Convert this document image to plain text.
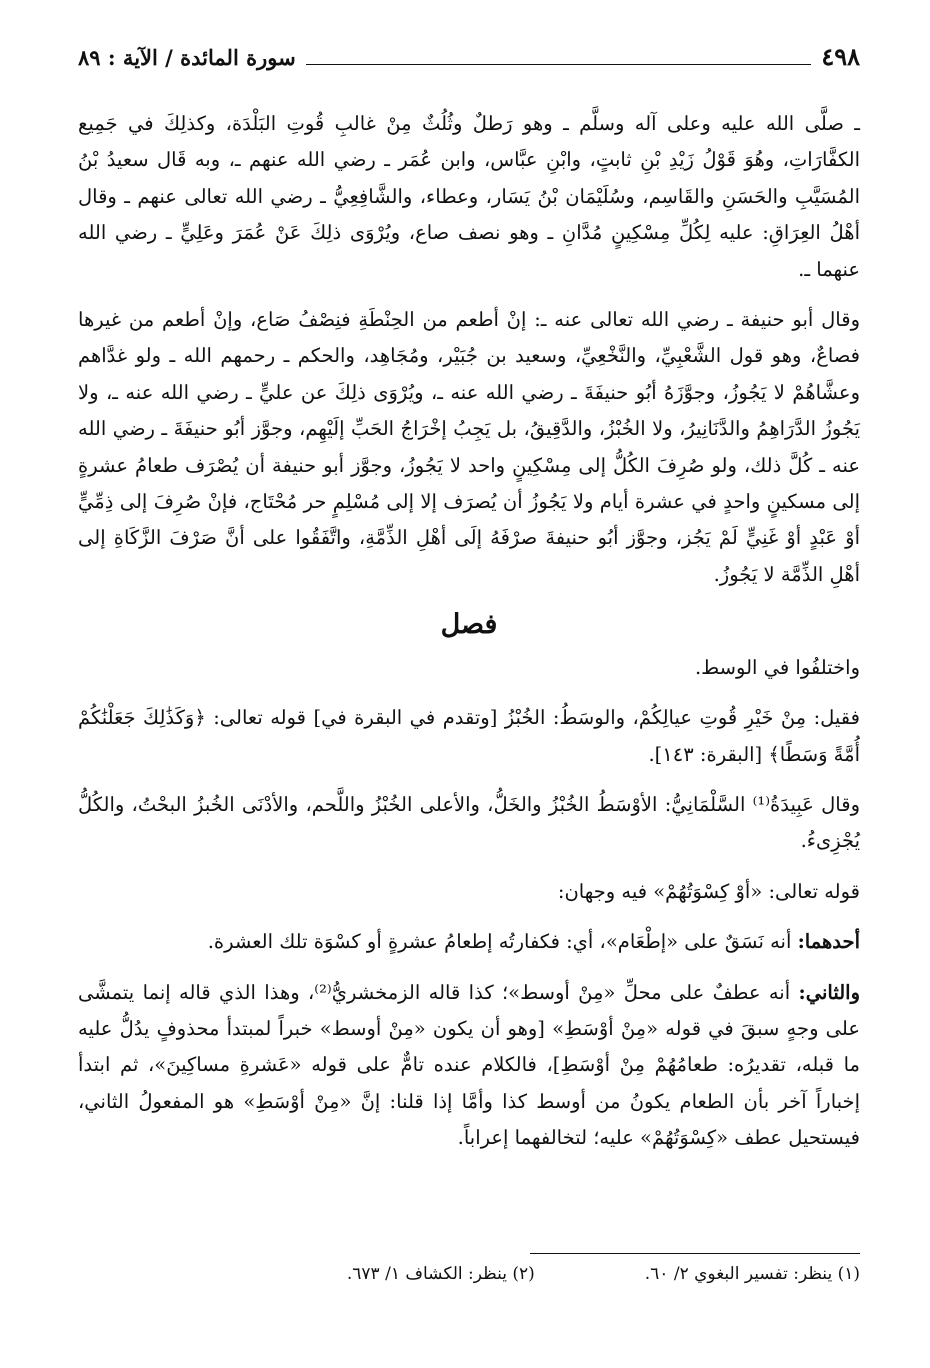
٤٩٨
سورة المائدة / الآية : ٨٩

ـ صلَّى الله عليه وعلى آله وسلَّم ـ وهو رَطلٌ وثُلُثٌ مِنْ غالبِ قُوتِ البَلْدَة، وكذلِكَ في جَمِيع الكفَّارَاتِ، وهُوَ قَوْلُ زَيْدِ بْنِ ثابتٍ، وابْنِ عبَّاس، وابن عُمَر ـ رضي الله عنهم ـ، وبه قَال سعيدُ بْنُ المُسَيَّبِ والحَسَنِ والقَاسِم، وسُلَيْمَان بْنُ يَسَار، وعطاء، والشَّافِعِيُّ ـ رضي الله تعالى عنهم ـ وقال أهْلُ العِرَاقِ: عليه لِكُلِّ مِسْكِينٍ مُدَّانِ ـ وهو نصف صاع، ويُرْوَى ذلِكَ عَنْ عُمَرَ وعَلِيٍّ ـ رضي الله عنهما ـ.

وقال أبو حنيفة ـ رضي الله تعالى عنه ـ: إنْ أطعم من الحِنْطَةِ فنِصْفُ صَاع، وإنْ أطعم من غيرها فصاعٌ، وهو قول الشَّعْبِيِّ، والنَّخْعِيِّ، وسعيد بن جُبَيْر، ومُجَاهِد، والحكم ـ رحمهم الله ـ ولو غدَّاهم وعشَّاهُمْ لا يَجُوزُ، وجوَّزَهُ أبُو حنيفَةَ ـ رضي الله عنه ـ، ويُرْوَى ذلِكَ عن عليٍّ ـ رضي الله عنه ـ، ولا يَجُوزُ الدَّرَاهِمُ والدَّنَانِيرُ، ولا الخُبْزُ، والدَّقِيقُ، بل يَجِبُ إخْرَاجُ الحَبِّ إلَيْهِم، وجوَّز أبُو حنيفَةَ ـ رضي الله عنه ـ كُلَّ ذلك، ولو صُرِفَ الكُلُّ إلى مِسْكِينٍ واحد لا يَجُوزُ، وجوَّز أبو حنيفة أن يُصْرَف طعامُ عشرةٍ إلى مسكينٍ واحدٍ في عشرة أيام ولا يَجُوزُ أن يُصرَف إلا إلى مُسْلِمٍ حر مُحْتَاج، فإنْ صُرِفَ إلى ذِمِّيٍّ أوْ عَبْدٍ أوْ غَنِيٍّ لَمْ يَجُز، وجوَّز أبُو حنيفةَ صرْفَهُ إلَى أهْلِ الذِّمَّةِ، واتَّفَقُوا على أنَّ صَرْفَ الزَّكَاةِ إلى أهْلِ الذِّمَّة لا يَجُوزُ.

فصل

واختلفُوا في الوسط.

فقيل: مِنْ خَيْرِ قُوتِ عيالِكُمْ، والوسَطُ: الخُبْزُ [وتقدم في البقرة في] قوله تعالى: ﴿وَكَذَٰلِكَ جَعَلْنَٰكُمْ أُمَّةً وَسَطًا﴾ [البقرة: ١٤٣].

وقال عَبِيدَةُ⁽¹⁾ السَّلْمَانِيُّ: الأوْسَطُ الخُبْزُ والخَلُّ، والأعلى الخُبْزُ واللَّحم، والأدْنَى الخُبزُ البحْتُ، والكُلُّ يُجْزِىءُ.

قوله تعالى: «أوْ كِسْوَتُهُمْ» فيه وجهان:

أحدهما: أنه نَسَقٌ على «إطْعَام»، أي: فكفارتُه إطعامُ عشرةٍ أو كسْوَة تلك العشرة.

والثاني: أنه عطفٌ على محلِّ «مِنْ أوسط»؛ كذا قاله الزمخشريُّ⁽²⁾، وهذا الذي قاله إنما يتمشَّى على وجهٍ سبقَ في قوله «مِنْ أوْسَطِ» [وهو أن يكون «مِنْ أوسط» خبراً لمبتدأ محذوفٍ يدُلُّ عليه ما قبله، تقديرُه: طعامُهُمْ مِنْ أوْسَطِ]، فالكلام عنده تامٌّ على قوله «عَشرةِ مساكِينَ»، ثم ابتدأ إخباراً آخر بأن الطعام يكونُ من أوسط كذا وأمَّا إذا قلنا: إنَّ «مِنْ أوْسَطِ» هو المفعولُ الثاني، فيستحيل عطف «كِسْوَتُهُمْ» عليه؛ لتخالفهما إعراباً.

(١) ينظر: تفسير البغوي ٢/ ٦٠.
(٢) ينظر: الكشاف ١/ ٦٧٣.
